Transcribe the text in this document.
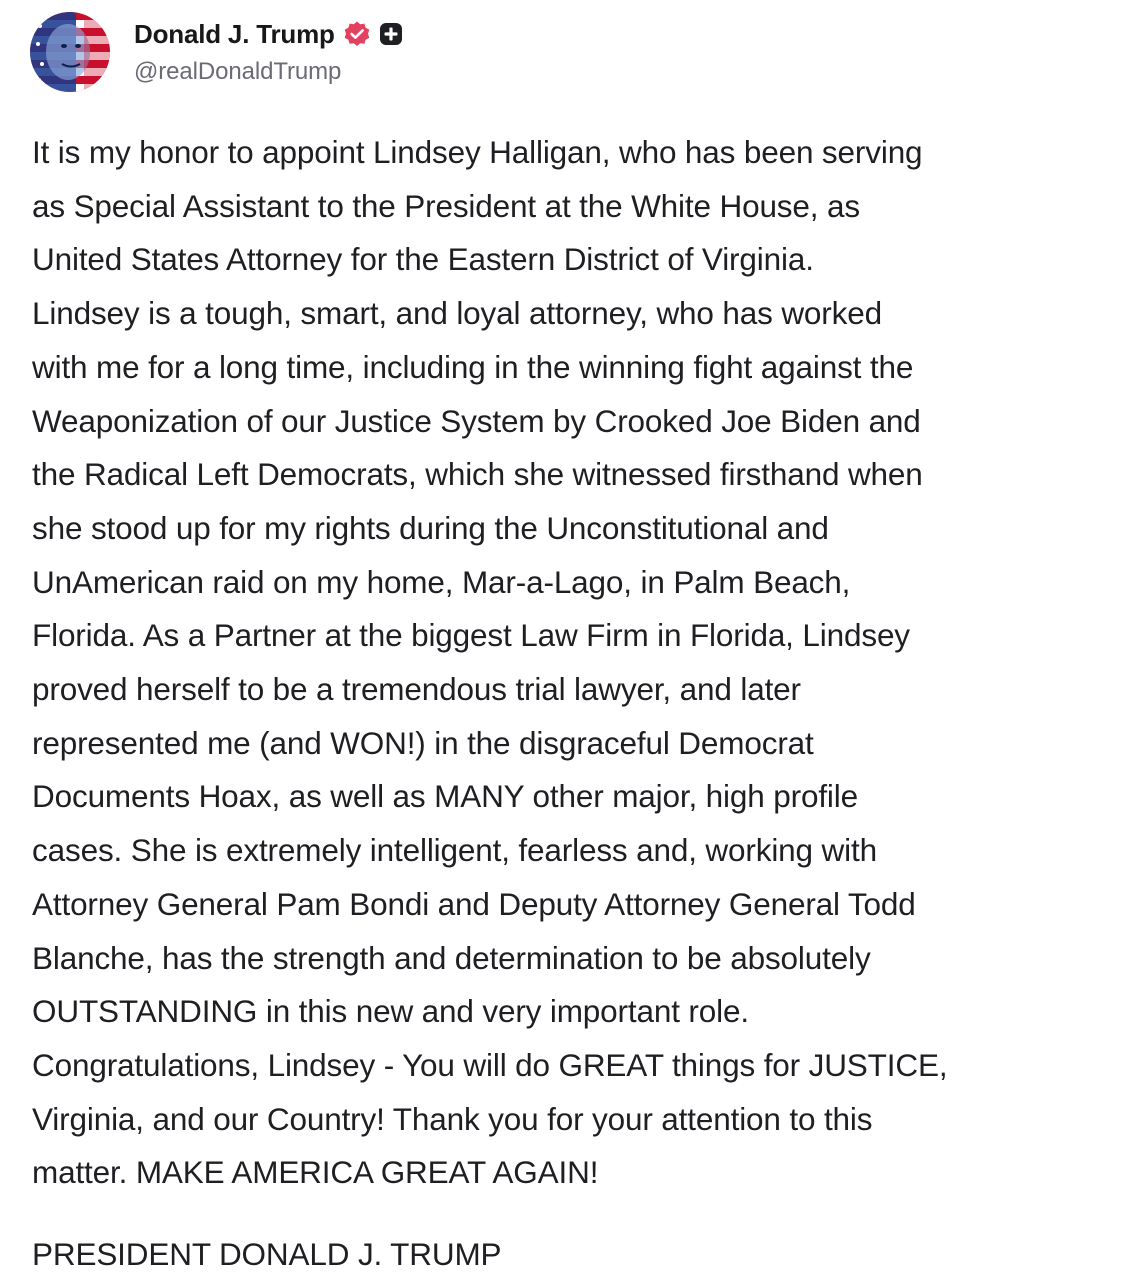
Donald J. Trump
@realDonaldTrump
It is my honor to appoint Lindsey Halligan, who has been serving
as Special Assistant to the President at the White House, as
United States Attorney for the Eastern District of Virginia.
Lindsey is a tough, smart, and loyal attorney, who has worked
with me for a long time, including in the winning fight against the
Weaponization of our Justice System by Crooked Joe Biden and
the Radical Left Democrats, which she witnessed firsthand when
she stood up for my rights during the Unconstitutional and
UnAmerican raid on my home, Mar-a-Lago, in Palm Beach,
Florida. As a Partner at the biggest Law Firm in Florida, Lindsey
proved herself to be a tremendous trial lawyer, and later
represented me (and WON!) in the disgraceful Democrat
Documents Hoax, as well as MANY other major, high profile
cases. She is extremely intelligent, fearless and, working with
Attorney General Pam Bondi and Deputy Attorney General Todd
Blanche, has the strength and determination to be absolutely
OUTSTANDING in this new and very important role.
Congratulations, Lindsey - You will do GREAT things for JUSTICE,
Virginia, and our Country! Thank you for your attention to this
matter. MAKE AMERICA GREAT AGAIN!
PRESIDENT DONALD J. TRUMP
